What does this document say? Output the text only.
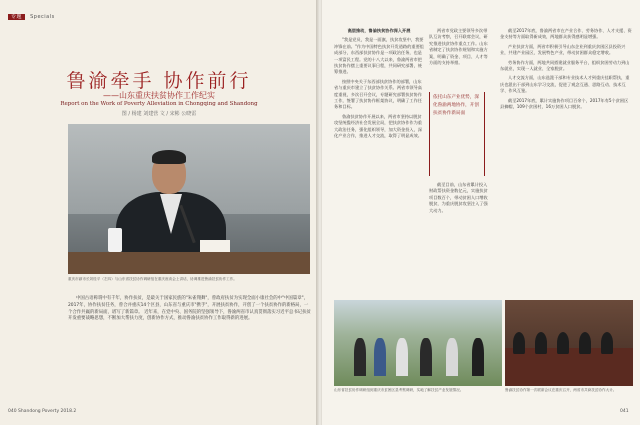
专题 Specials
鲁渝牵手 协作前行
——山东重庆扶贫协作工作纪实
Report on the Work of Poverty Alleviation in Chongqing and Shandong
图 / 杨建 刘建营 文 / 宋彬 公晓雷
重庆市副市长刘桂平（左四）与山东省扶贫协作调研组在重庆座谈会上讲话，协调推进鲁渝扶贫协作工作。
中国古语称谓中有千年，协作扶贫，是最关于国家民族的"朱雀翔舞"，曾政府扶贫为实现全面小康社会的中"中国篇章"，2017年，协作扶贫任务，曾合并重庆14个区县，山东省与重庆市"携手"，开展扶贫协作，开创了一个扶贫协作的新格局，一个合作共赢的新局面，谱写了新篇章。 近年来，在党中央、国务院的坚强领导下，鲁渝两省市认真贯彻落实习近平总书记扶贫开发重要战略思想，不断加大帮扶力度，创新协作方式，推动鲁渝扶贫协作工作取得新的进展。
040 Shandong Poverty 2018.2

高层推动，鲁渝扶贫协作深入开展

"我是党员，我是一面旗，扶贫攻坚中，我要冲锋在前。"作为中国特色扶贫开发道路的重要组成部分，东西部扶贫协作是一项政治任务，也是一项富民工程。党的十八大以来，鲁渝两省市把扶贫协作摆上重要议事日程，共同研究部署，统筹推进。

按照中央关于东西部扶贫协作的部署，山东省与重庆市建立了扶贫协作关系。两省市领导高度重视，多次召开会议，专题研究部署扶贫协作工作，签署了扶贫协作框架协议，明确了工作任务和目标。

鲁渝扶贫协作开展以来，两省市坚持以脱贫攻坚统揽经济社会发展全局，把扶贫协作作为重大政治任务，强化组织领导，加大资金投入，深化产业合作，推进人才交流，取得了明显成效。

两省市党政主要领导多次带队互访考察，召开联席会议，研究推进扶贫协作重点工作。山东省制定了扶贫协作规划和实施方案，明确了资金、项目、人才等方面的支持举措。

依托山东产业优势，深化鲁渝两地协作，开创扶贫协作新局面

截至目前，山东省累计投入财政帮扶资金数亿元，实施扶贫项目数百个，带动贫困人口增收脱贫，为重庆脱贫攻坚注入了强大动力。

截至2017年底，鲁渝两省市在产业合作、劳务协作、人才支援、资金支持等方面取得新成效，两地群众获得感明显增强。

产业扶贫方面，两省市积极引导山东企业到重庆贫困区县投资兴业，共建产业园区，发展特色产业，带动贫困群众稳定增收。

劳务协作方面，两地共同搭建就业服务平台，组织贫困劳动力到山东就业，实现一人就业、全家脱贫。

人才交流方面，山东选派干部和专业技术人才到重庆挂职帮扶，重庆也派出干部到山东学习交流，促进了观念互通、思路互动、技术互学、作风互鉴。

截至2017年底，累计实施协作项目百余个，2017年有5个贫困区县摘帽，109个贫困村，16万贫困人口脱贫。

山东省扶贫协作调研组到重庆市贫困区县考察调研，实地了解扶贫产业发展情况。	鲁渝扶贫协作第一次联席会议在重庆召开，两省市共商扶贫协作大计。
041
